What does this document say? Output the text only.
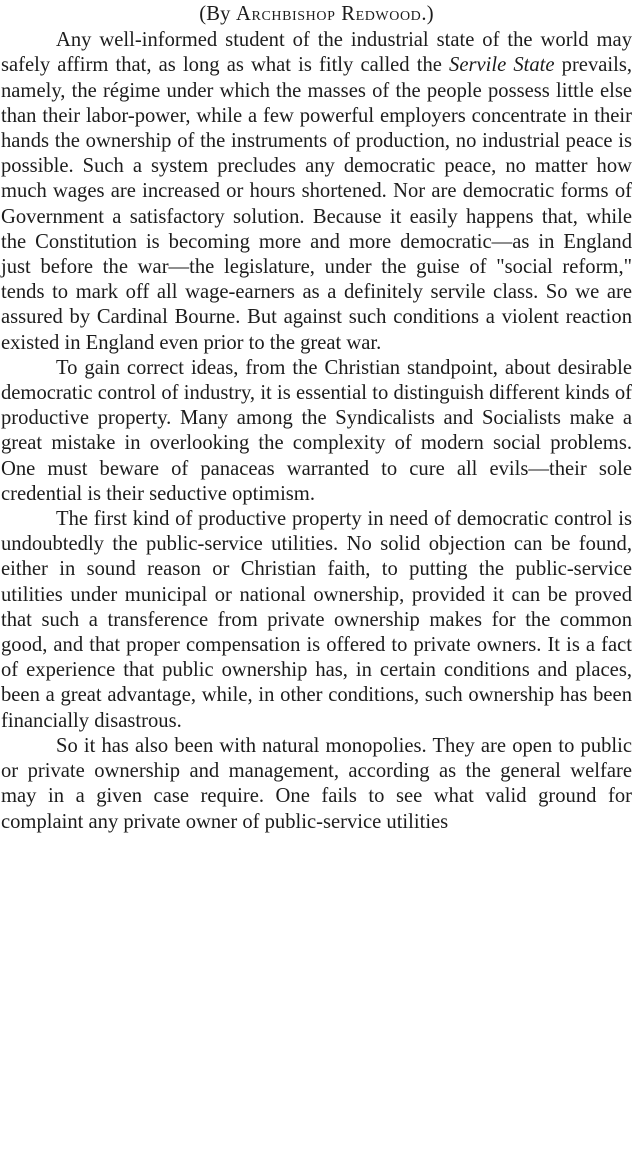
(By Archbishop Redwood.)

Any well-informed student of the industrial state of the world may safely affirm that, as long as what is fitly called the Servile State prevails, namely, the régime under which the masses of the people possess little else than their labor-power, while a few powerful employers concentrate in their hands the ownership of the instruments of production, no industrial peace is possible. Such a system precludes any democratic peace, no matter how much wages are increased or hours shortened. Nor are democratic forms of Government a satisfactory solution. Because it easily happens that, while the Constitution is becoming more and more democratic—as in England just before the war—the legislature, under the guise of "social reform," tends to mark off all wage-earners as a definitely servile class. So we are assured by Cardinal Bourne. But against such conditions a violent reaction existed in England even prior to the great war.

To gain correct ideas, from the Christian standpoint, about desirable democratic control of industry, it is essential to distinguish different kinds of productive property. Many among the Syndicalists and Socialists make a great mistake in overlooking the complexity of modern social problems. One must beware of panaceas warranted to cure all evils—their sole credential is their seductive optimism.

The first kind of productive property in need of democratic control is undoubtedly the public-service utilities. No solid objection can be found, either in sound reason or Christian faith, to putting the public-service utilities under municipal or national ownership, provided it can be proved that such a transference from private ownership makes for the common good, and that proper compensation is offered to private owners. It is a fact of experience that public ownership has, in certain conditions and places, been a great advantage, while, in other conditions, such ownership has been financially disastrous.

So it has also been with natural monopolies. They are open to public or private ownership and management, according as the general welfare may in a given case require. One fails to see what valid ground for complaint any private owner of public-service utilities
